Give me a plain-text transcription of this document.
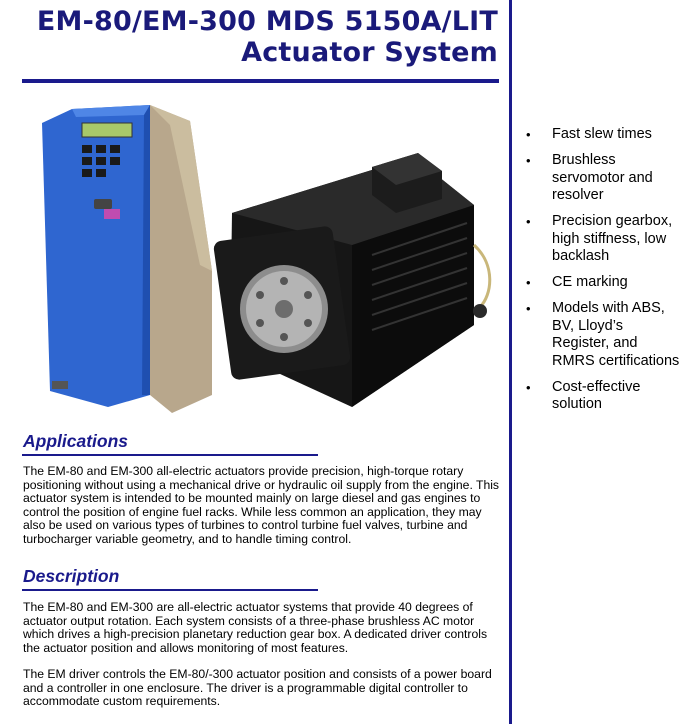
EM-80/EM-300 MDS 5150A/LIT
Actuator System
• Fast slew times
• Brushless servomotor and resolver
• Precision gearbox, high stiffness, low backlash
• CE marking
• Models with ABS, BV, Lloyd’s Register, and RMRS certifications
• Cost-effective solution
Applications

The EM-80 and EM-300 all-electric actuators provide precision, high-torque rotary positioning without using a mechanical drive or hydraulic oil supply from the engine. This actuator system is intended to be mounted mainly on large diesel and gas engines to control the position of engine fuel racks. While less common an application, they may also be used on various types of turbines to control turbine fuel valves, turbine and turbocharger variable geometry, and to handle timing control.

Description

The EM-80 and EM-300 are all-electric actuator systems that provide 40 degrees of actuator output rotation. Each system consists of a three-phase brushless AC motor which drives a high-precision planetary reduction gear box. A dedicated driver controls the actuator position and allows monitoring of most features.

The EM driver controls the EM-80/-300 actuator position and consists of a power board and a controller in one enclosure. The driver is a programmable digital controller to accommodate custom requirements.
